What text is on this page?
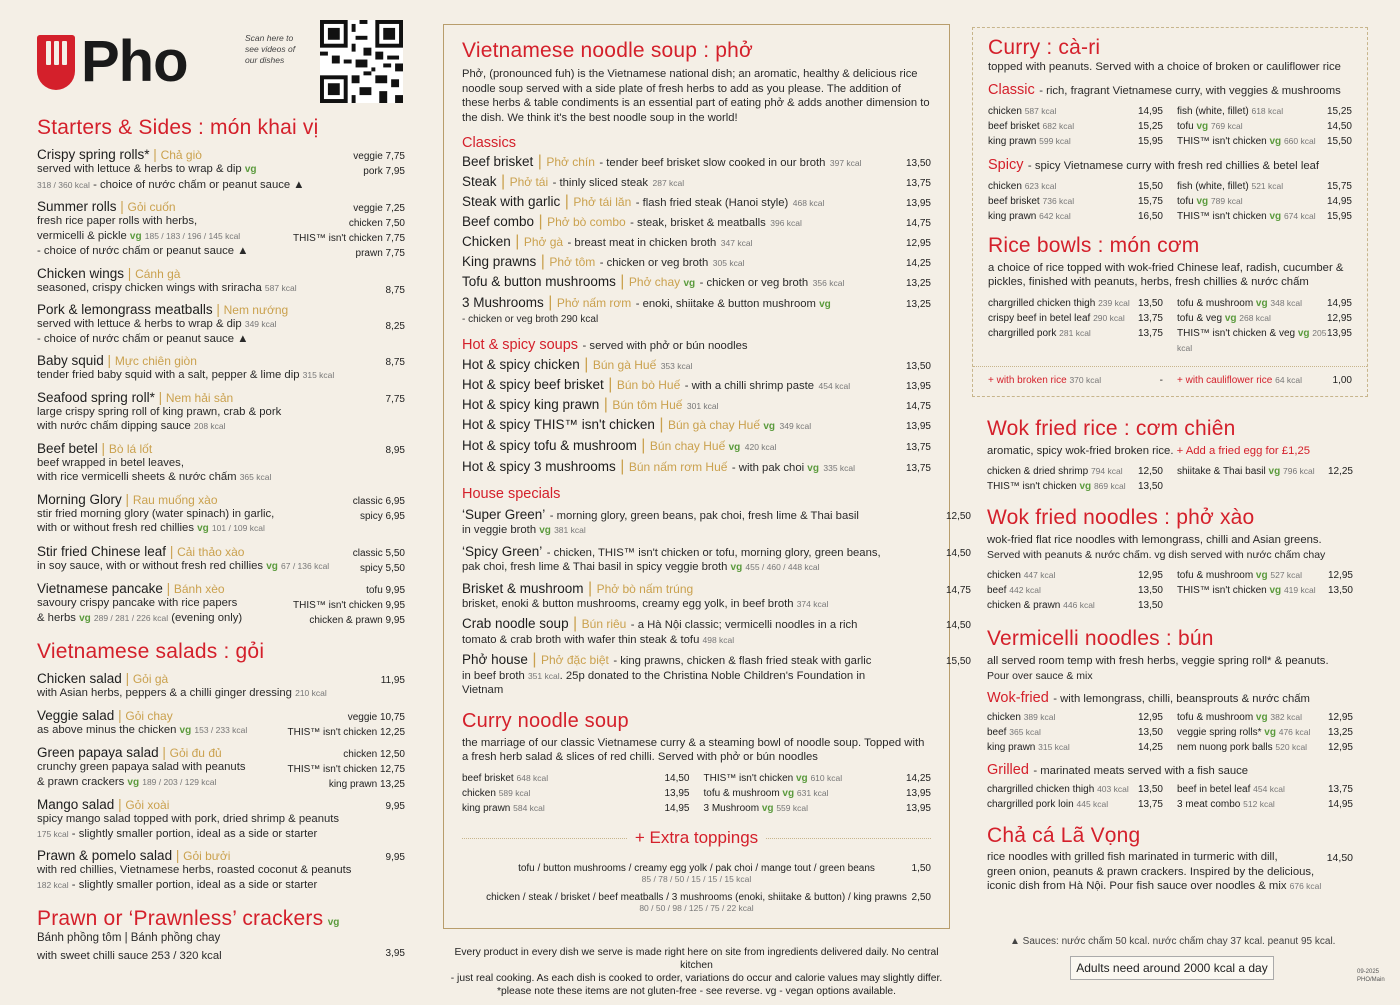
Pho	Scan here to see videos of our dishes
Starters & Sides : món khai vị
Crispy spring rolls* | Chả giò
served with lettuce & herbs to wrap & dip vg
318 / 360 kcal - choice of nước chấm or peanut sauce ▲
veggie 7,75
pork 7,95
Summer rolls | Gỏi cuốn
fresh rice paper rolls with herbs,
vermicelli & pickle vg 185 / 183 / 196 / 145 kcal
- choice of nước chấm or peanut sauce ▲
veggie 7,25
chicken 7,50
THIS™ isn't chicken 7,75
prawn 7,75
Chicken wings | Cánh gà
seasoned, crispy chicken wings with sriracha 587 kcal
	8,75
Pork & lemongrass meatballs | Nem nướng
served with lettuce & herbs to wrap & dip 349 kcal
- choice of nước chấm or peanut sauce ▲

8,25
Baby squid | Mực chiên giòn
tender fried baby squid with a salt, pepper & lime dip 315 kcal
8,75
Seafood spring roll* | Nem hải sản
large crispy spring roll of king prawn, crab & pork
with nước chấm dipping sauce 208 kcal
7,75
Beef betel | Bò lá lốt
beef wrapped in betel leaves,
with rice vermicelli sheets & nước chấm 365 kcal
8,95
Morning Glory | Rau muống xào
stir fried morning glory (water spinach) in garlic,
with or without fresh red chillies vg 101 / 109 kcal
classic 6,95
spicy 6,95
Stir fried Chinese leaf | Cải thảo xào
in soy sauce, with or without fresh red chillies vg 67 / 136 kcal
classic 5,50
spicy 5,50
Vietnamese pancake | Bánh xèo
savoury crispy pancake with rice papers
& herbs vg 289 / 281 / 226 kcal (evening only)
tofu 9,95
THIS™ isn't chicken 9,95
chicken & prawn 9,95
Vietnamese salads : gỏi
Chicken salad | Gỏi gà
with Asian herbs, peppers & a chilli ginger dressing 210 kcal
11,95
Veggie salad | Gỏi chay
as above minus the chicken vg 153 / 233 kcal
veggie 10,75
THIS™ isn't chicken 12,25
Green papaya salad | Gỏi đu đủ
crunchy green papaya salad with peanuts
& prawn crackers vg 189 / 203 / 129 kcal
chicken 12,50
THIS™ isn't chicken 12,75
king prawn 13,25
Mango salad | Gỏi xoài
spicy mango salad topped with pork, dried shrimp & peanuts
175 kcal - slightly smaller portion, ideal as a side or starter
9,95
Prawn & pomelo salad | Gỏi bưởi
with red chillies, Vietnamese herbs, roasted coconut & peanuts
182 kcal - slightly smaller portion, ideal as a side or starter
9,95
Prawn or ‘Prawnless’ crackers vg
Bánh phồng tôm | Bánh phồng chay
with sweet chilli sauce 253 / 320 kcal	3,95
Vietnamese noodle soup : phở
Phở, (pronounced fuh) is the Vietnamese national dish; an aromatic, healthy & delicious rice noodle soup served with a side plate of fresh herbs to add as you please. The addition of these herbs & table condiments is an essential part of eating phở & adds another dimension to the dish. We think it's the best noodle soup in the world!
Classics
Beef brisket | Phở chín - tender beef brisket slow cooked in our broth 397 kcal	13,50
Steak | Phở tái - thinly sliced steak 287 kcal	13,75
Steak with garlic | Phở tái lăn - flash fried steak (Hanoi style) 468 kcal	13,95
Beef combo | Phở bò combo - steak, brisket & meatballs 396 kcal	14,75
Chicken | Phở gà - breast meat in chicken broth 347 kcal	12,95
King prawns | Phở tôm - chicken or veg broth 305 kcal	14,25
Tofu & button mushrooms | Phở chay vg - chicken or veg broth 356 kcal	13,25
3 Mushrooms | Phở nấm rơm - enoki, shiitake & button mushroom vg	13,25
- chicken or veg broth 290 kcal
Hot & spicy soups - served with phở or bún noodles
Hot & spicy chicken | Bún gà Huế 353 kcal	13,50
Hot & spicy beef brisket | Bún bò Huế - with a chilli shrimp paste 454 kcal	13,95
Hot & spicy king prawn | Bún tôm Huế 301 kcal	14,75
Hot & spicy THIS™ isn't chicken | Bún gà chay Huế vg 349 kcal	13,95
Hot & spicy tofu & mushroom | Bún chay Huế vg 420 kcal	13,75
Hot & spicy 3 mushrooms | Bún nấm rơm Huế - with pak choi vg 335 kcal	13,75
House specials
‘Super Green’ - morning glory, green beans, pak choi, fresh lime & Thai basil
in veggie broth vg 381 kcal
12,50
‘Spicy Green’ - chicken, THIS™ isn't chicken or tofu, morning glory, green beans,
pak choi, fresh lime & Thai basil in spicy veggie broth vg 455 / 460 / 448 kcal
14,50
Brisket & mushroom | Phở bò nấm trúng
brisket, enoki & button mushrooms, creamy egg yolk, in beef broth 374 kcal
14,75
Crab noodle soup | Bún riêu - a Hà Nội classic; vermicelli noodles in a rich
tomato & crab broth with wafer thin steak & tofu 498 kcal
14,50
Phở house | Phở đặc biệt - king prawns, chicken & flash fried steak with garlic
in beef broth 351 kcal. 25p donated to the Christina Noble Children's Foundation in Vietnam
15,50
Curry noodle soup
the marriage of our classic Vietnamese curry & a steaming bowl of noodle soup. Topped with a fresh herb salad & slices of red chilli. Served with phở or bún noodles
beef brisket 648 kcal	14,50 THIS™ isn't chicken vg 610 kcal	14,25
chicken 589 kcal	13,95 tofu & mushroom vg 631 kcal	13,95
king prawn 584 kcal	14,95 3 Mushroom vg 559 kcal	13,95
+ Extra toppings
tofu / button mushrooms / creamy egg yolk / pak choi / mange tout / green beans
85 / 78 / 50 / 15 / 15 / 15 kcal
1,50
chicken / steak / brisket / beef meatballs / 3 mushrooms (enoki, shiitake & button) / king prawns
80 / 50 / 98 / 125 / 75 / 22 kcal
2,50
Every product in every dish we serve is made right here on site from ingredients delivered daily. No central kitchen
- just real cooking. As each dish is cooked to order, variations do occur and calorie values may slightly differ.
*please note these items are not gluten-free - see reverse. vg - vegan options available.
Curry : cà-ri
topped with peanuts. Served with a choice of broken or cauliflower rice
Classic - rich, fragrant Vietnamese curry, with veggies & mushrooms
chicken 587 kcal	14,95 fish (white, fillet) 618 kcal	15,25
beef brisket 682 kcal	15,25 tofu vg 769 kcal	14,50
king prawn 599 kcal	15,95 THIS™ isn't chicken vg 660 kcal 15,50
Spicy - spicy Vietnamese curry with fresh red chillies & betel leaf
chicken 623 kcal	15,50 fish (white, fillet) 521 kcal	15,75
beef brisket 736 kcal	15,75 tofu vg 789 kcal	14,95
king prawn 642 kcal	16,50 THIS™ isn't chicken vg 674 kcal 15,95
Rice bowls : món cơm
a choice of rice topped with wok-fried Chinese leaf, radish, cucumber & pickles, finished with peanuts, herbs, fresh chillies & nước chấm
chargrilled chicken thigh 239 kcal 13,50 tofu & mushroom vg 348 kcal 14,95
crispy beef in betel leaf 290 kcal 13,75 tofu & veg vg 268 kcal	12,95
chargrilled pork 281 kcal	13,75 THIS™ isn't chicken & veg vg 205 kcal
13,95
+ with broken rice 370 kcal	- + with cauliflower rice 64 kcal	1,00
Wok fried rice : cơm chiên
aromatic, spicy wok-fried broken rice. + Add a fried egg for £1,25
chicken & dried shrimp 794 kcal 12,50 shiitake & Thai basil vg 796 kcal 12,25
THIS™ isn't chicken vg 869 kcal 13,50
Wok fried noodles : phở xào
wok-fried flat rice noodles with lemongrass, chilli and Asian greens.
Served with peanuts & nước chấm. vg dish served with nước chấm chay
chicken 447 kcal	12,95 tofu & mushroom vg 527 kcal	12,95
beef 442 kcal	13,50 THIS™ isn't chicken vg 419 kcal 13,50
chicken & prawn 446 kcal	13,50
Vermicelli noodles : bún
all served room temp with fresh herbs, veggie spring roll* & peanuts.
Pour over sauce & mix
Wok-fried - with lemongrass, chilli, beansprouts & nước chấm
chicken 389 kcal	12,95 tofu & mushroom vg 382 kcal	12,95
beef 365 kcal	13,50 veggie spring rolls* vg 476 kcal 13,25
king prawn 315 kcal	14,25 nem nuong pork balls 520 kcal 12,95
Grilled - marinated meats served with a fish sauce
chargrilled chicken thigh 403 kcal 13,50 beef in betel leaf 454 kcal	13,75
chargrilled pork loin 445 kcal	13,75 3 meat combo 512 kcal	14,95
Chả cá Lã Vọng
rice noodles with grilled fish marinated in turmeric with dill,
green onion, peanuts & prawn crackers. Inspired by the delicious,
iconic dish from Hà Nội. Pour fish sauce over noodles & mix 676 kcal
14,50
▲ Sauces: nước chấm 50 kcal. nước chấm chay 37 kcal. peanut 95 kcal.
Adults need around 2000 kcal a day	09-2025 PHO/Main
